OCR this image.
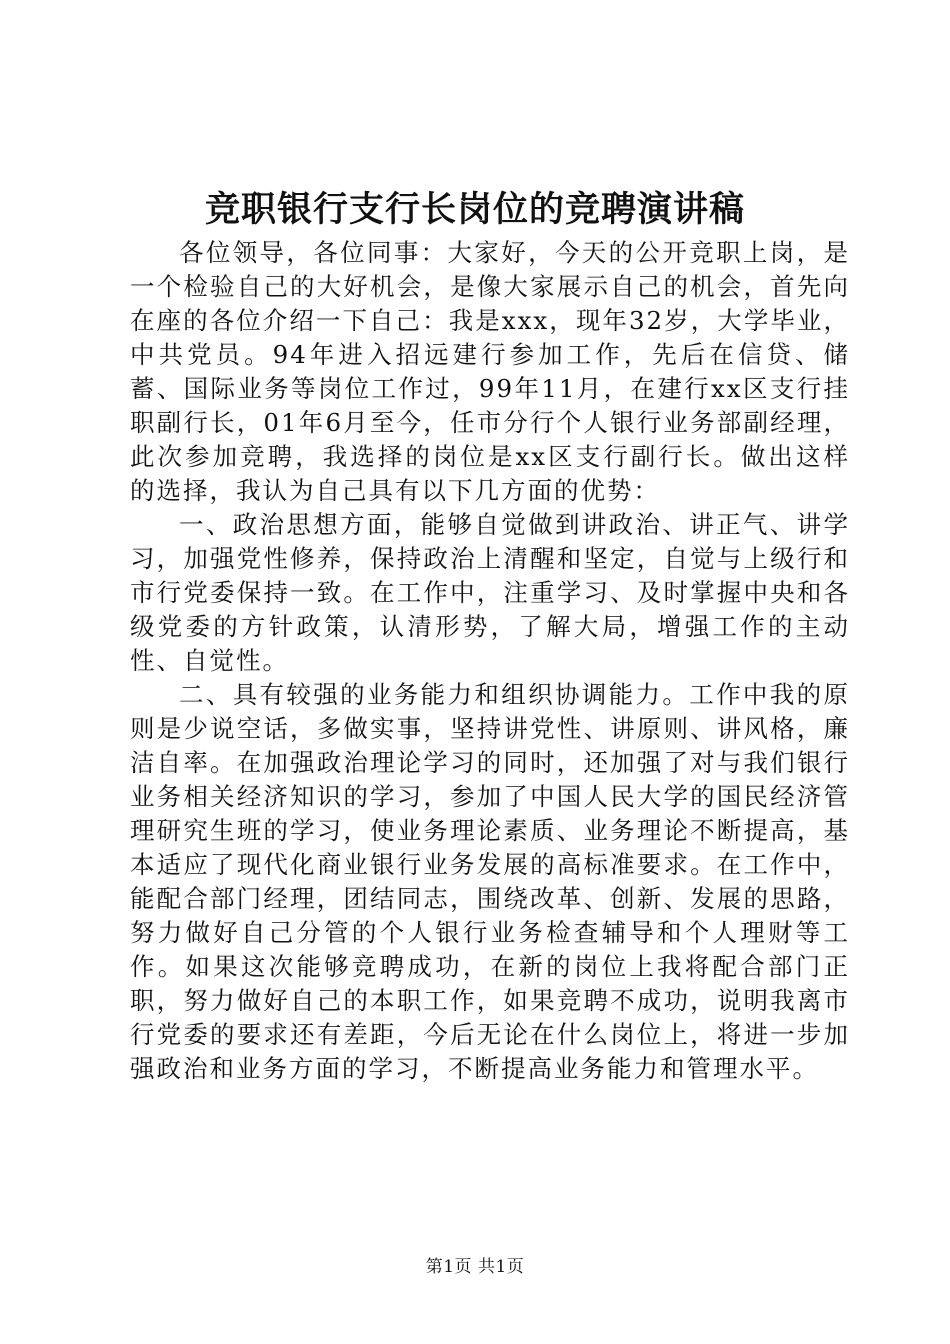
竞职银行支行长岗位的竞聘演讲稿

各位领导，各位同事：大家好，今天的公开竞职上岗，是一个检验自己的大好机会，是像大家展示自己的机会，首先向在座的各位介绍一下自己：我是xxx，现年32岁，大学毕业，中共党员。94年进入招远建行参加工作，先后在信贷、储蓄、国际业务等岗位工作过，99年11月，在建行xx区支行挂职副行长，01年6月至今，任市分行个人银行业务部副经理，此次参加竞聘，我选择的岗位是xx区支行副行长。做出这样的选择，我认为自己具有以下几方面的优势：

一、政治思想方面，能够自觉做到讲政治、讲正气、讲学习，加强党性修养，保持政治上清醒和坚定，自觉与上级行和市行党委保持一致。在工作中，注重学习、及时掌握中央和各级党委的方针政策，认清形势，了解大局，增强工作的主动性、自觉性。

二、具有较强的业务能力和组织协调能力。工作中我的原则是少说空话，多做实事，坚持讲党性、讲原则、讲风格，廉洁自率。在加强政治理论学习的同时，还加强了对与我们银行业务相关经济知识的学习，参加了中国人民大学的国民经济管理研究生班的学习，使业务理论素质、业务理论不断提高，基本适应了现代化商业银行业务发展的高标准要求。在工作中，能配合部门经理，团结同志，围绕改革、创新、发展的思路，努力做好自己分管的个人银行业务检查辅导和个人理财等工作。如果这次能够竞聘成功，在新的岗位上我将配合部门正职，努力做好自己的本职工作，如果竞聘不成功，说明我离市行党委的要求还有差距，今后无论在什么岗位上，将进一步加强政治和业务方面的学习，不断提高业务能力和管理水平。

第1页 共1页
